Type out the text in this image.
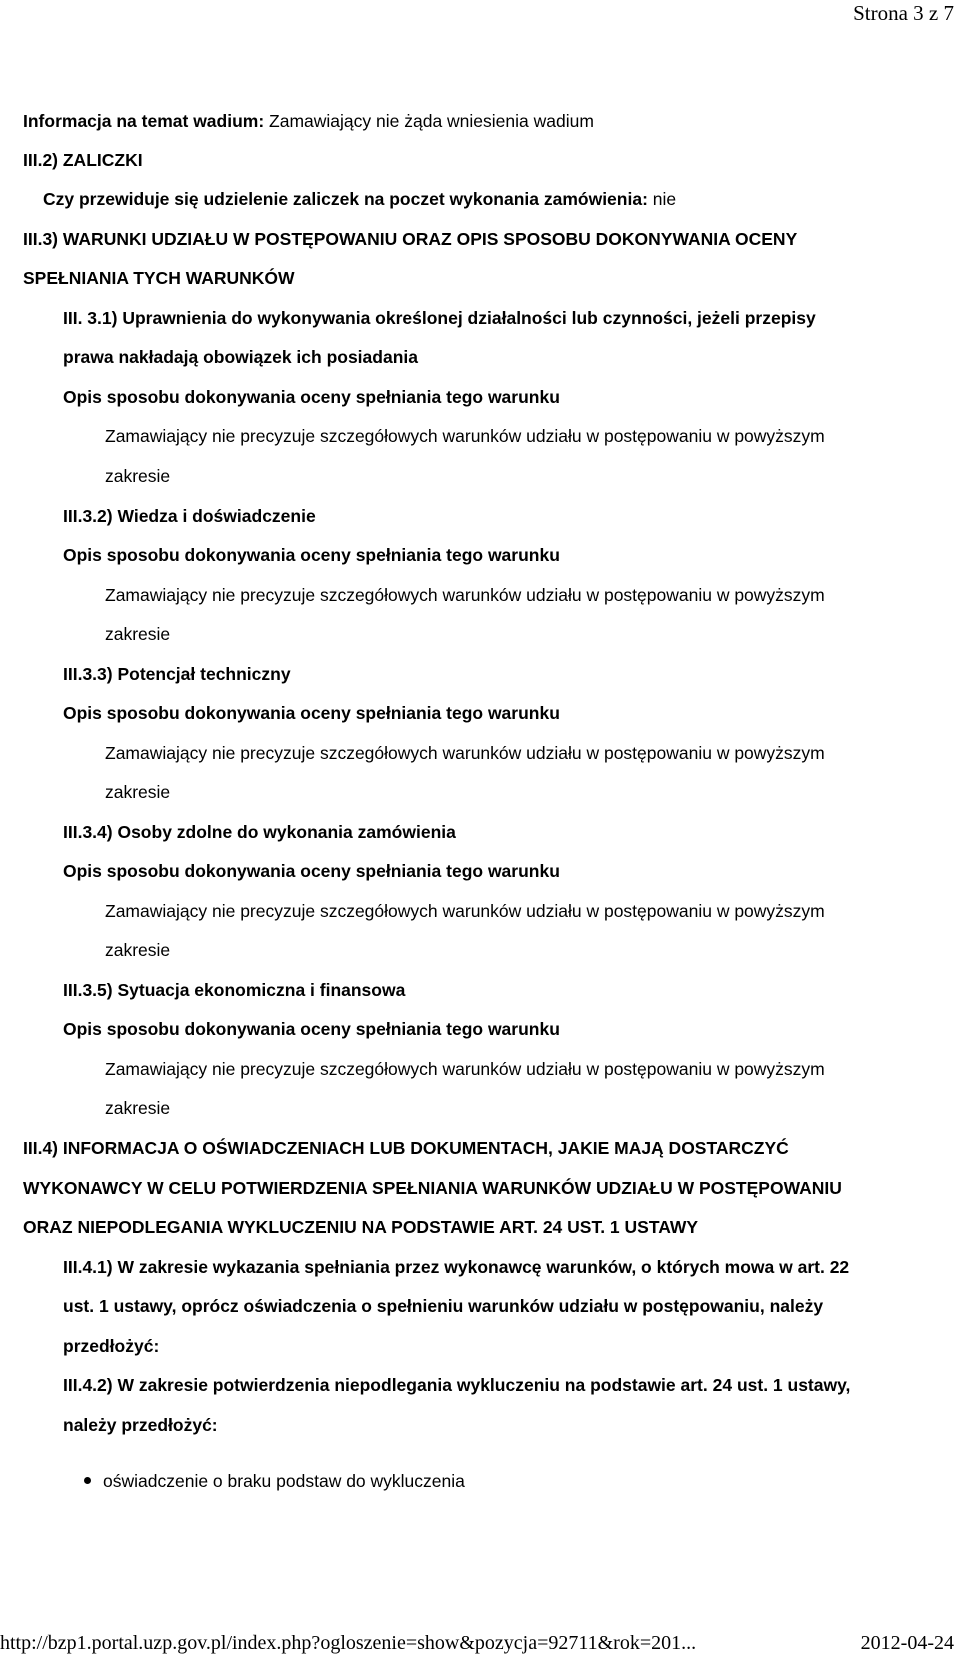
Strona 3 z 7
Informacja na temat wadium: Zamawiający nie żąda wniesienia wadium
III.2) ZALICZKI
Czy przewiduje się udzielenie zaliczek na poczet wykonania zamówienia: nie
III.3) WARUNKI UDZIAŁU W POSTĘPOWANIU ORAZ OPIS SPOSOBU DOKONYWANIA OCENY
SPEŁNIANIA TYCH WARUNKÓW
III. 3.1) Uprawnienia do wykonywania określonej działalności lub czynności, jeżeli przepisy
prawa nakładają obowiązek ich posiadania
Opis sposobu dokonywania oceny spełniania tego warunku
Zamawiający nie precyzuje szczegółowych warunków udziału w postępowaniu w powyższym
zakresie
III.3.2) Wiedza i doświadczenie
Opis sposobu dokonywania oceny spełniania tego warunku
Zamawiający nie precyzuje szczegółowych warunków udziału w postępowaniu w powyższym
zakresie
III.3.3) Potencjał techniczny
Opis sposobu dokonywania oceny spełniania tego warunku
Zamawiający nie precyzuje szczegółowych warunków udziału w postępowaniu w powyższym
zakresie
III.3.4) Osoby zdolne do wykonania zamówienia
Opis sposobu dokonywania oceny spełniania tego warunku
Zamawiający nie precyzuje szczegółowych warunków udziału w postępowaniu w powyższym
zakresie
III.3.5) Sytuacja ekonomiczna i finansowa
Opis sposobu dokonywania oceny spełniania tego warunku
Zamawiający nie precyzuje szczegółowych warunków udziału w postępowaniu w powyższym
zakresie
III.4) INFORMACJA O OŚWIADCZENIACH LUB DOKUMENTACH, JAKIE MAJĄ DOSTARCZYĆ
WYKONAWCY W CELU POTWIERDZENIA SPEŁNIANIA WARUNKÓW UDZIAŁU W POSTĘPOWANIU
ORAZ NIEPODLEGANIA WYKLUCZENIU NA PODSTAWIE ART. 24 UST. 1 USTAWY
III.4.1) W zakresie wykazania spełniania przez wykonawcę warunków, o których mowa w art. 22
ust. 1 ustawy, oprócz oświadczenia o spełnieniu warunków udziału w postępowaniu, należy
przedłożyć:
III.4.2) W zakresie potwierdzenia niepodlegania wykluczeniu na podstawie art. 24 ust. 1 ustawy,
należy przedłożyć:
oświadczenie o braku podstaw do wykluczenia
http://bzp1.portal.uzp.gov.pl/index.php?ogloszenie=show&pozycja=92711&rok=201...	2012-04-24
